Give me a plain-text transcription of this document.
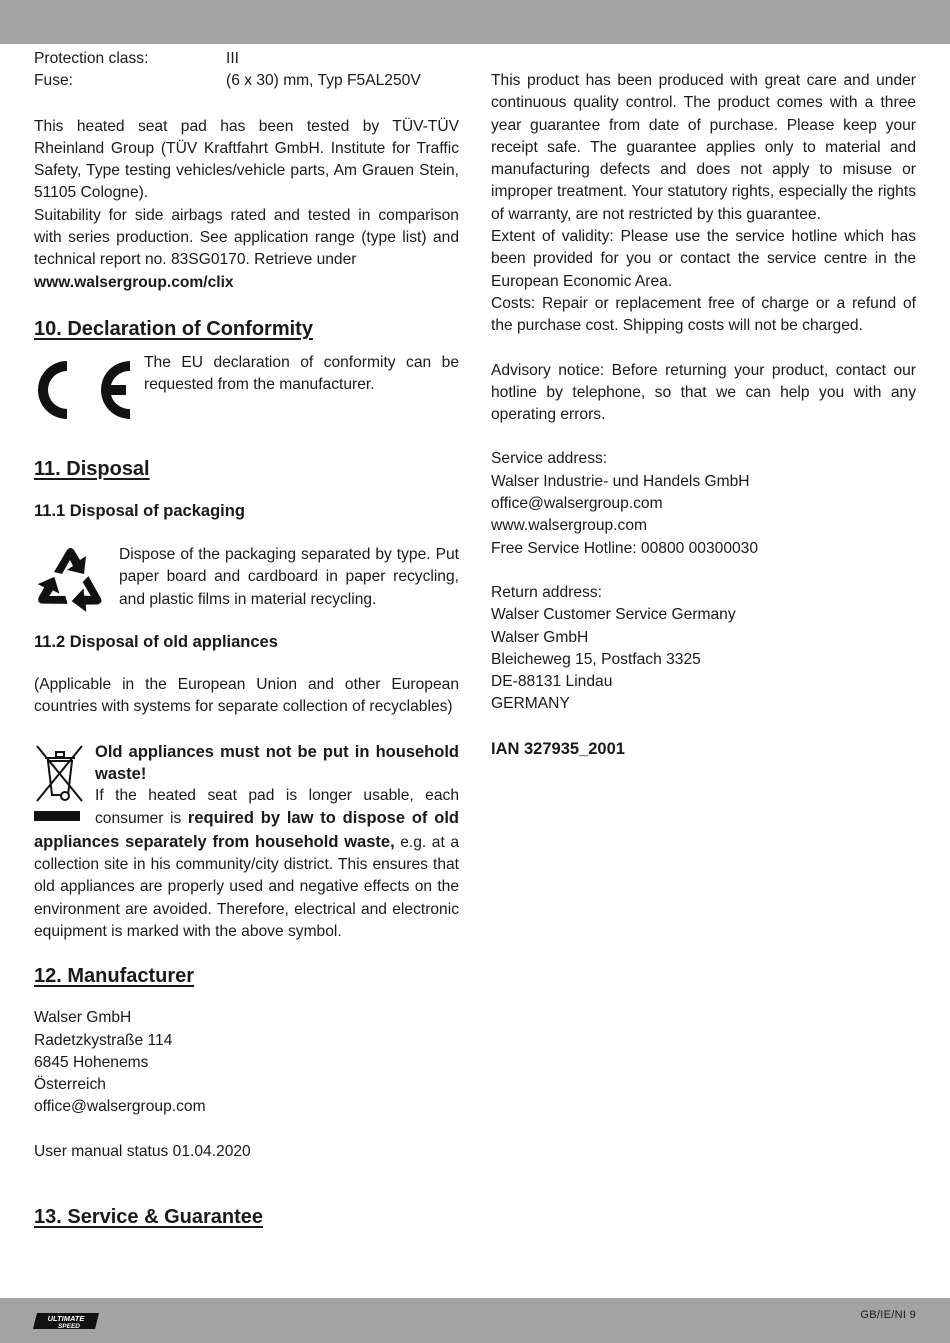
Protection class:	III
Fuse:	(6 x 30) mm, Typ F5AL250V

This heated seat pad has been tested by TÜV-TÜV Rheinland Group (TÜV Kraftfahrt GmbH. Institute for Traffic Safety, Type testing vehicles/vehicle parts, Am Grauen Stein, 51105 Cologne).

Suitability for side airbags rated and tested in comparison with series production. See application range (type list) and technical report no. 83SG0170. Retrieve under

www.walsergroup.com/clix

10. Declaration of Conformity

The EU declaration of conformity can be requested from the manufacturer.

11. Disposal
11.1 Disposal of packaging

Dispose of the packaging separated by type. Put paper board and cardboard in paper recycling, and plastic films in material recycling.

11.2 Disposal of old appliances

(Applicable in the European Union and other European countries with systems for separate collection of recyclables)

Old appliances must not be put in household waste!

If the heated seat pad is longer usable, each consumer is required by law to dispose of old appliances separately from household waste, e.g. at a collection site in his community/city district. This ensures that old appliances are properly used and negative effects on the environment are avoided. Therefore, electrical and electronic equipment is marked with the above symbol.

12. Manufacturer

Walser GmbH

Radetzkystraße 114

6845 Hohenems

Österreich

office@walsergroup.com

User manual status 01.04.2020

13. Service & Guarantee

This product has been produced with great care and under continuous quality control. The product comes with a three year guarantee from date of purchase. Please keep your receipt safe. The guarantee applies only to material and manufacturing defects and does not apply to misuse or improper treatment. Your statutory rights, especially the rights of warranty, are not restricted by this guarantee.

Extent of validity: Please use the service hotline which has been provided for you or contact the service centre in the European Economic Area.

Costs: Repair or replacement free of charge or a refund of the purchase cost. Shipping costs will not be charged.

Advisory notice: Before returning your product, contact our hotline by telephone, so that we can help you with any operating errors.

Service address:

Walser Industrie- und Handels GmbH

office@walsergroup.com

www.walsergroup.com

Free Service Hotline: 00800 00300030

Return address:

Walser Customer Service Germany

Walser GmbH

Bleicheweg 15, Postfach 3325

DE-88131 Lindau

GERMANY

IAN 327935_2001

ULTIMATE
SPEED
GB/IE/NI 9
